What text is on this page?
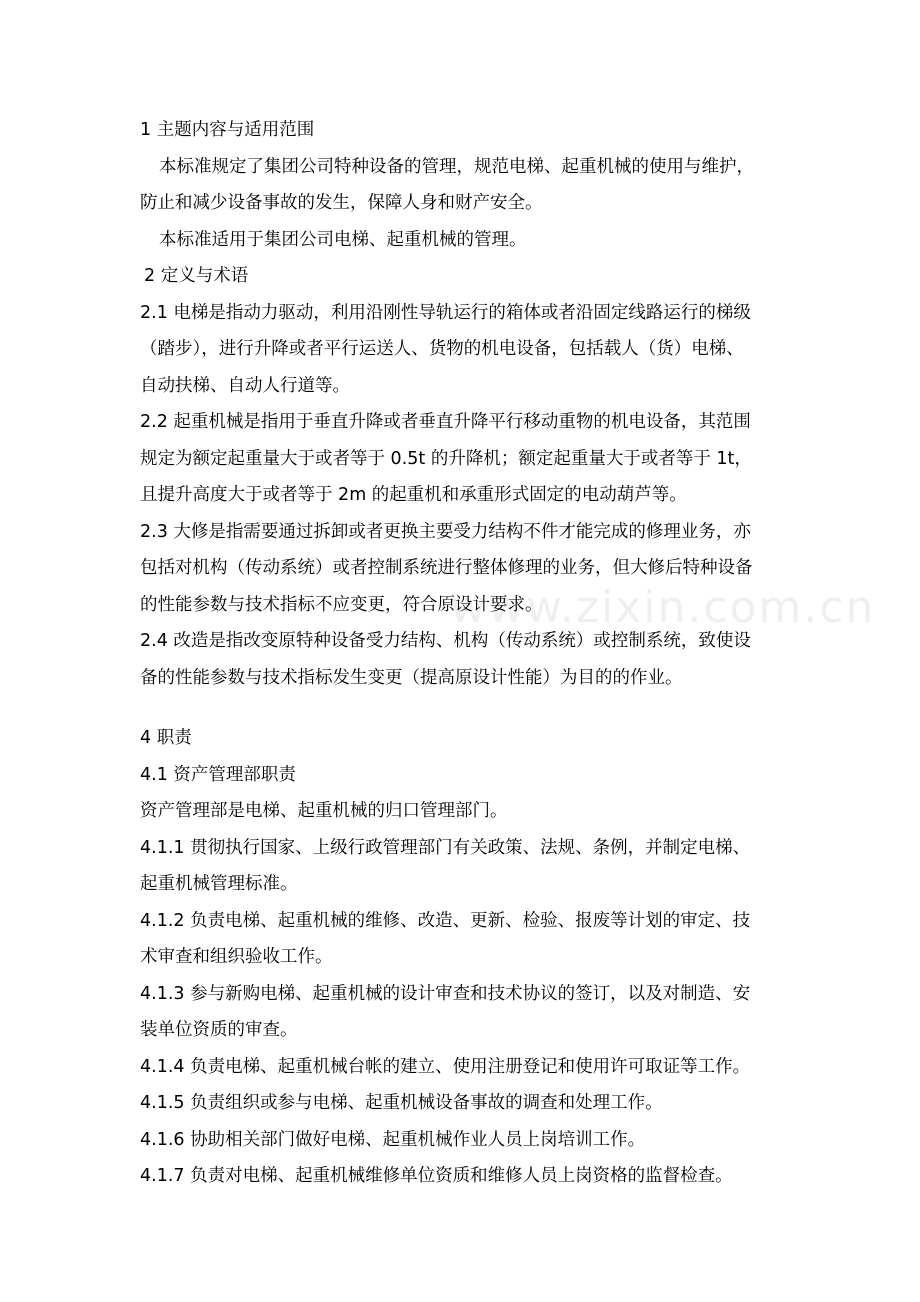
www.zixin.com.cn
1 主题内容与适用范围
本标准规定了集团公司特种设备的管理，规范电梯、起重机械的使用与维护，
防止和减少设备事故的发生，保障人身和财产安全。
本标准适用于集团公司电梯、起重机械的管理。
2 定义与术语
2.1 电梯是指动力驱动，利用沿刚性导轨运行的箱体或者沿固定线路运行的梯级
（踏步），进行升降或者平行运送人、货物的机电设备，包括载人（货）电梯、
自动扶梯、自动人行道等。
2.2 起重机械是指用于垂直升降或者垂直升降平行移动重物的机电设备，其范围
规定为额定起重量大于或者等于 0.5t 的升降机；额定起重量大于或者等于 1t，
且提升高度大于或者等于 2m 的起重机和承重形式固定的电动葫芦等。
2.3 大修是指需要通过拆卸或者更换主要受力结构不件才能完成的修理业务，亦
包括对机构（传动系统）或者控制系统进行整体修理的业务，但大修后特种设备
的性能参数与技术指标不应变更，符合原设计要求。
2.4 改造是指改变原特种设备受力结构、机构（传动系统）或控制系统，致使设
备的性能参数与技术指标发生变更（提高原设计性能）为目的的作业。
4 职责
4.1 资产管理部职责
资产管理部是电梯、起重机械的归口管理部门。
4.1.1 贯彻执行国家、上级行政管理部门有关政策、法规、条例，并制定电梯、
起重机械管理标准。
4.1.2 负责电梯、起重机械的维修、改造、更新、检验、报废等计划的审定、技
术审查和组织验收工作。
4.1.3 参与新购电梯、起重机械的设计审查和技术协议的签订，以及对制造、安
装单位资质的审查。
4.1.4 负责电梯、起重机械台帐的建立、使用注册登记和使用许可取证等工作。
4.1.5 负责组织或参与电梯、起重机械设备事故的调查和处理工作。
4.1.6 协助相关部门做好电梯、起重机械作业人员上岗培训工作。
4.1.7 负责对电梯、起重机械维修单位资质和维修人员上岗资格的监督检查。
